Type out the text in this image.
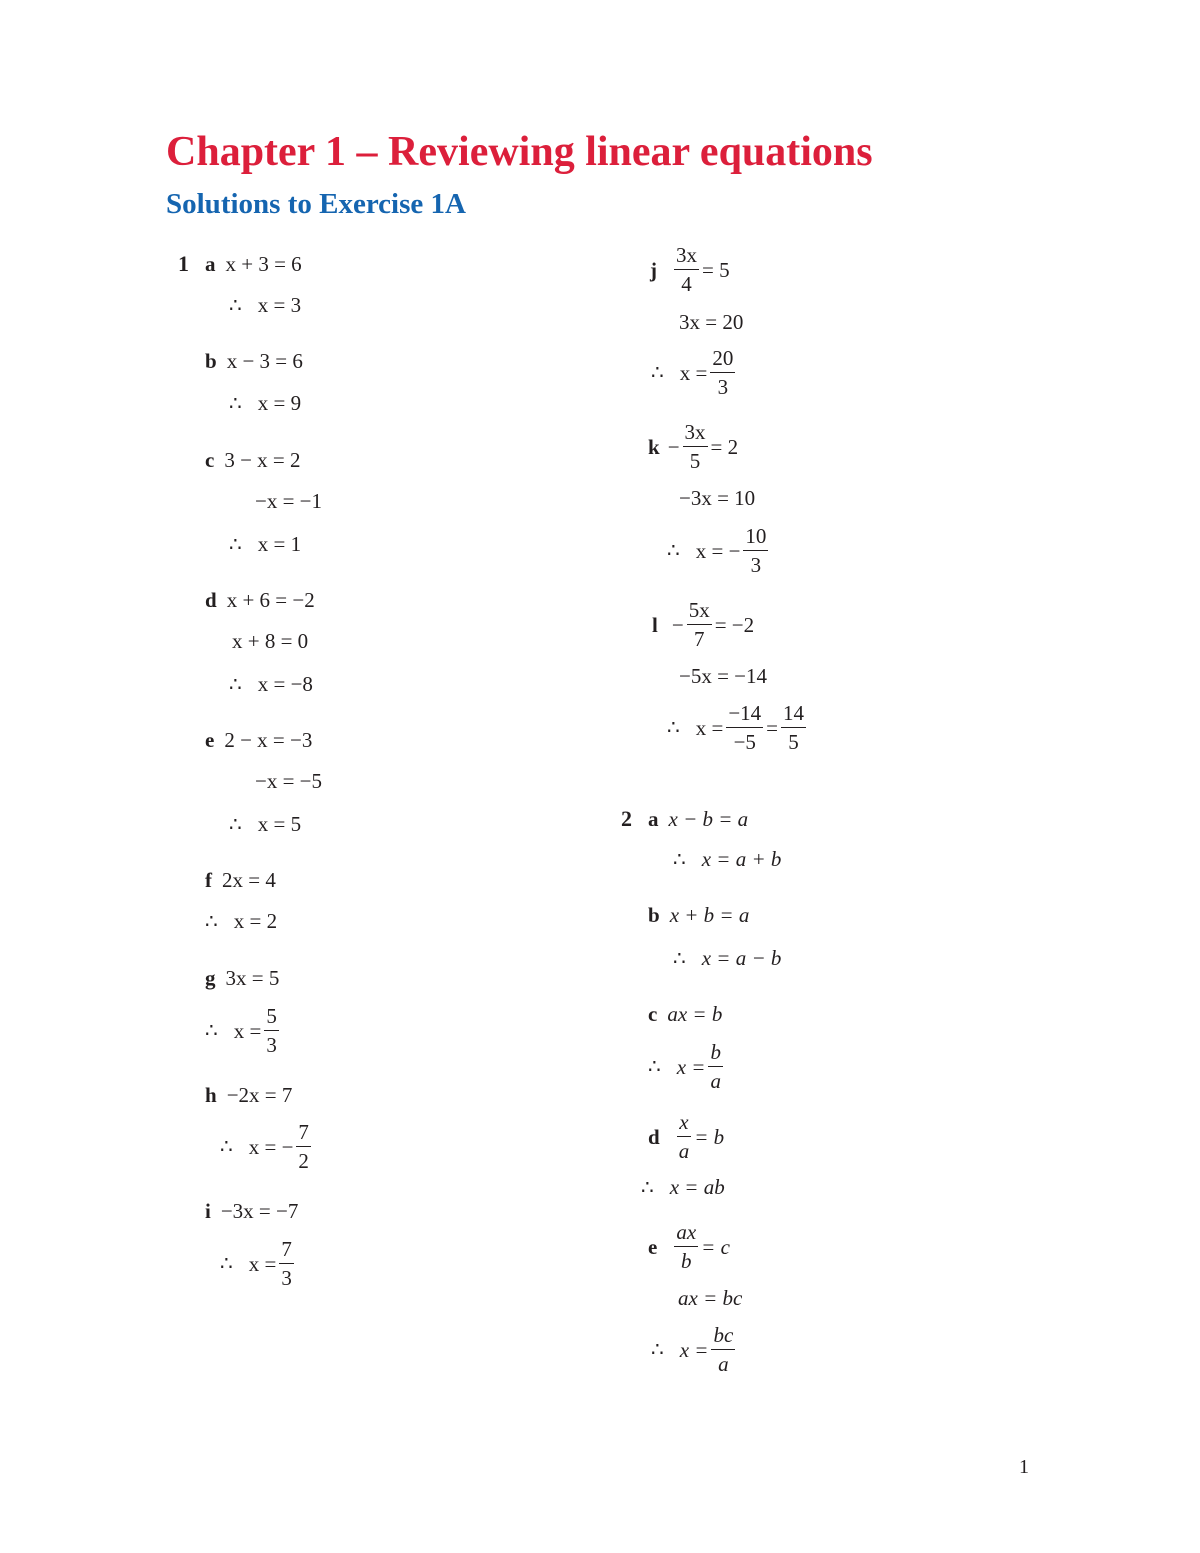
Chapter 1 – Reviewing linear equations
Solutions to Exercise 1A
1 a x + 3 = 6
∴ x = 3
b x − 3 = 6
∴ x = 9
c 3 − x = 2
−x = −1
∴ x = 1
d x + 6 = −2
x + 8 = 0
∴ x = −8
e 2 − x = −3
−x = −5
∴ x = 5
f 2x = 4
∴ x = 2
g 3x = 5
∴ $x = \frac{5}{3}$
h −2x = 7
∴ x = − $\frac{7}{2}$
i −3x = −7
∴ $x = \frac{7}{3}$
j $\frac{3x}{4} = 5$
3x = 20
∴ $x = \frac{20}{3}$
$k - \frac{3x}{5} = 2$
−3x = 10
∴ x = − $\frac{10}{3}$
$l - \frac{5x}{7} = -2$
−5x = −14
∴ $x = \frac{-14}{-5} = \frac{14}{5}$
2 a x − b = a
∴ x = a + b
b x + b = a
∴ x = a − b
c ax = b
∴ $x = \frac{b}{a}$
d $\frac{x}{a} = b$
∴ x = ab
e $\frac{ax}{b} = c$
ax = bc
∴ $x = \frac{bc}{a}$
1
